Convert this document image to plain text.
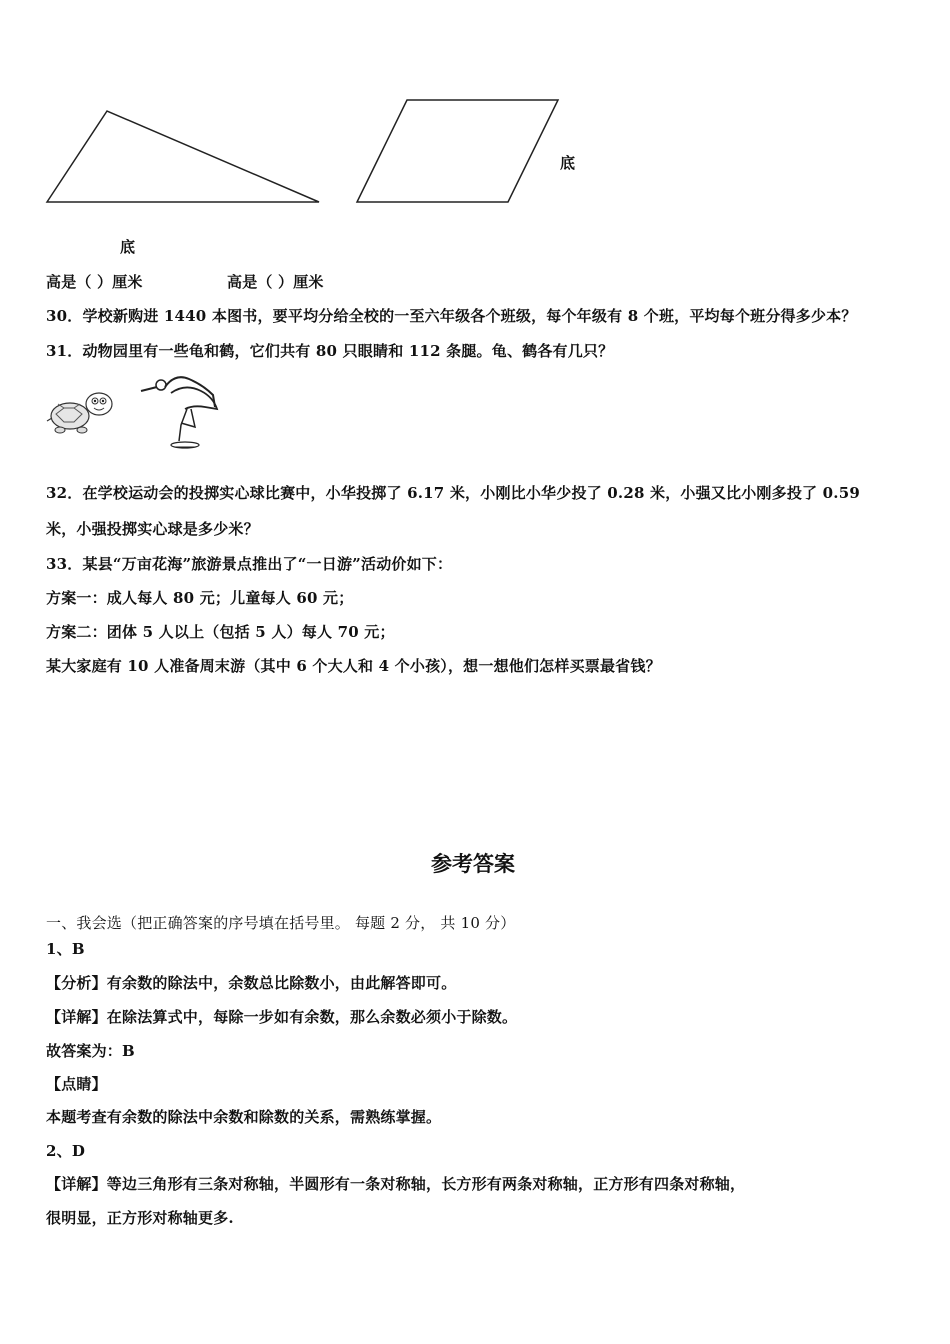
底
底
高是（ ）厘米	高是（ ）厘米
30．学校新购进 1440 本图书，要平均分给全校的一至六年级各个班级，每个年级有 8 个班，平均每个班分得多少本？
31．动物园里有一些龟和鹤，它们共有 80 只眼睛和 112 条腿。龟、鹤各有几只？
32．在学校运动会的投掷实心球比赛中，小华投掷了 6.17 米，小刚比小华少投了 0.28 米，小强又比小刚多投了 0.59
米，小强投掷实心球是多少米？
33．某县“万亩花海”旅游景点推出了“一日游”活动价如下：
方案一：成人每人 80 元；儿童每人 60 元；
方案二：团体 5 人以上（包括 5 人）每人 70 元；
某大家庭有 10 人准备周末游（其中 6 个大人和 4 个小孩），想一想他们怎样买票最省钱？
参考答案
一、我会选（把正确答案的序号填在括号里。 每题 2 分， 共 10 分）
1、B
【分析】有余数的除法中，余数总比除数小，由此解答即可。
【详解】在除法算式中，每除一步如有余数，那么余数必须小于除数。
故答案为：B
【点睛】
本题考查有余数的除法中余数和除数的关系，需熟练掌握。
2、D
【详解】等边三角形有三条对称轴，半圆形有一条对称轴，长方形有两条对称轴，正方形有四条对称轴，
很明显，正方形对称轴更多.
